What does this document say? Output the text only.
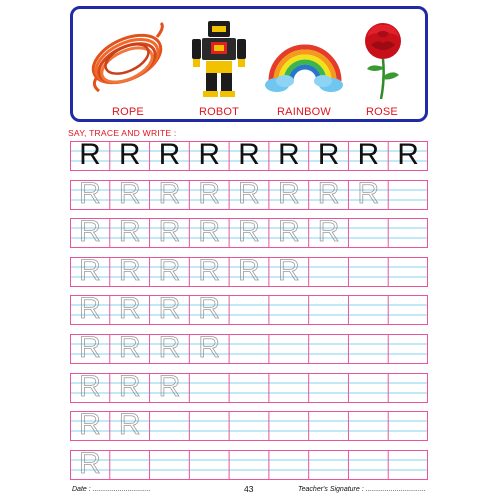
ROPE	ROBOT	RAINBOW	ROSE
SAY, TRACE AND WRITE :
R R R R R R R R R
R R R R R R R R
R R R R R R R
R R R R R R
R R R R
R R R R
R R R
R R
R
Date : ..............................	43	Teacher's Signature : ...............................
